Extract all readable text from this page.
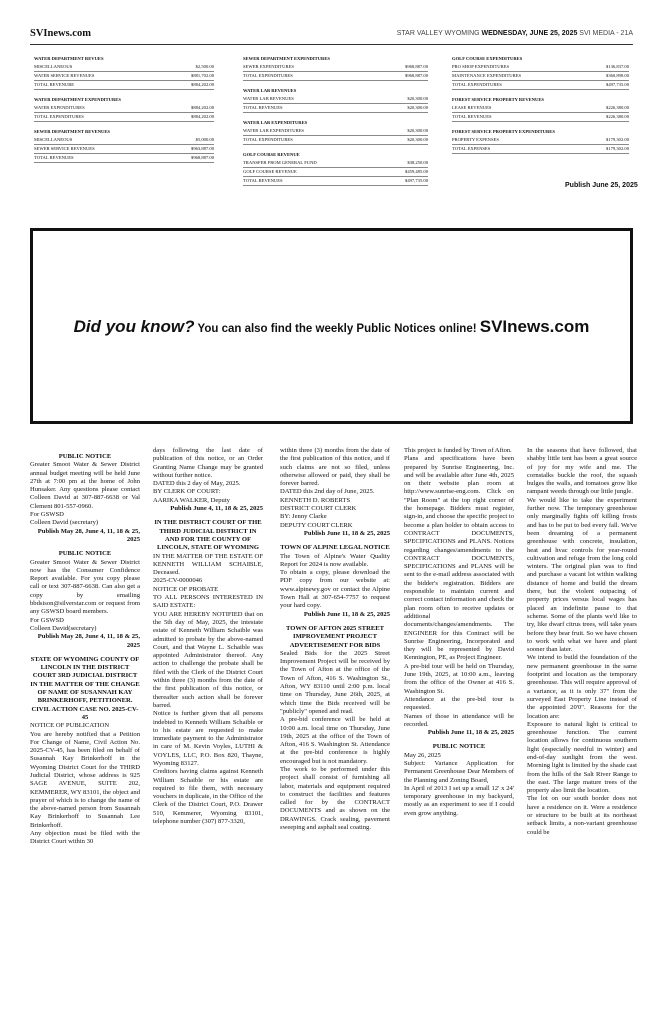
SVInews.com	STAR VALLEY WYOMING WEDNESDAY, JUNE 25, 2025 SVI MEDIA - 21A
WATER DEPARTMENT REVUES
MISCELLANEOUS	$2,500.00
WATER SERVICE REVENUES	$881,702.00
TOTAL REVENURE	$884,202.00
WATER DEPARTMENT EXPENDITURES
WATER EXPENDITURES	$884,202.00
TOTAL EXPENDITURES	$884,202.00
SEWER DEPARTMENT REVENUES
MISCELLANEOUS	$5,000.00
SEWER SERVICE REVENUES	$963,887.00
TOTAL REVENUES	$968,887.00
SEWER DEPARTMENT EXPENDITURES
SEWER EXPENDITURES	$968,887.00
TOTAL EXPENDITURES	$968,887.00
WATER LAB REVENUES
WATER LAB REVENUES	$20,300.00
TOTAL REVENUES	$20,300.00
WATER LAB EXPENDITURES
WATER LAB EXPENDITURES	$20,300.00
TOTAL EXPENDITURES	$20,300.00
GOLF COURSE REVENUE
TRANSFER FROM GENERAL FUND	$38,250.00
GOLF COURSE REVENUE	$459,485.00
TOTAL REVENUES	$497,735.00
GOLF COURSE EXPENDITURES
PRO SHOP EXPENDITURES	$136,837.00
MAINTENANCE EXPENDITURES	$360,898.00
TOTAL EXPENDITURES	$497,735.00
FOREST SERVICE PROPERTY REVENUES
LEASE REVENUES	$226,380.00
TOTAL REVENUES	$226,380.00
FOREST SERVICE PROPERTY EXPENDITURES
PROPERTY EXPENSES	$179,302.00
TOTAL EXPENSES	$179,302.00
Publish June 25, 2025
Did you know? You can also find the weekly Public Notices online! SVInews.com

PUBLIC NOTICE

Greater Smoot Water & Sewer District annual budget meeting will be held June 27th at 7:00 pm at the home of John Hunsaker. Any questions please contact Colleen David at 307-887-6638 or Val Clement 801-557-0960.

For GSWSD

Colleen David (secretary)

Publish May 28, June 4, 11, 18 & 25, 2025

PUBLIC NOTICE

Greater Smoot Water & Sewer District now has the Consumer Confidence Report available. For you copy please call or text 307-887-6638. Can also get a copy by emailing bbdsison@silverstar.com or request from any GSWSD board members.

For GSWSD

Colleen David(secretary)

Publish May 28, June 4, 11, 18 & 25, 2025

STATE OF WYOMING COUNTY OF LINCOLN IN THE DISTRICT COURT 3RD JUDICIAL DISTRICT IN THE MATTER OF THE CHANGE OF NAME OF SUSANNAH KAY BRINKERHOFF, PETITIONER. CIVIL ACTION CASE NO. 2025-CV-45

NOTICE OF PUBLICATION

You are hereby notified that a Petition For Change of Name, Civil Action No. 2025-CV-45, has been filed on behalf of Susannah Kay Brinkerhoff in the Wyoming District Court for the THIRD Judicial District, whose address is 925 SAGE AVENUE, SUITE 202, KEMMERER, WY 83101, the object and prayer of which is to change the name of the above-named person from Susannah Kay Brinkerhoff to Susannah Lee Brinkerhoff.

Any objection must be filed with the District Court within 30

days following the last date of publication of this notice, or an Order Granting Name Change may be granted without further notice.

DATED this 2 day of May, 2025.

BY CLERK OF COURT:

AARIKA WALKER, Deputy

Publish June 4, 11, 18 & 25, 2025

IN THE DISTRICT COURT OF THE THIRD JUDICIAL DISTRICT IN AND FOR THE COUNTY OF LINCOLN, STATE OF WYOMING

IN THE MATTER OF THE ESTATE OF KENNETH WILLIAM SCHAIBLE, Deceased.

2025-CV-0000046

NOTICE OF PROBATE

TO ALL PERSONS INTERESTED IN SAID ESTATE:

YOU ARE HEREBY NOTIFIED that on the 5th day of May, 2025, the intestate estate of Kenneth William Schaible was admitted to probate by the above-named Court, and that Wayne L. Schaible was appointed Administrator thereof. Any action to challenge the probate shall be filed with the Clerk of the District Court within three (3) months from the date of the first publication of this notice, or thereafter such action shall be forever barred.

Notice is further given that all persons indebted to Kenneth William Schaible or to his estate are requested to make immediate payment to the Administrator in care of M. Kevin Voyles, LUTHI & VOYLES, LLC, P.O. Box 820, Thayne, Wyoming 83127.

Creditors having claims against Kenneth William Schaible or his estate are required to file them, with necessary vouchers in duplicate, in the Office of the Clerk of the District Court, P.O. Drawer 510, Kemmerer, Wyoming 83101, telephone number (307) 877-3320,

within three (3) months from the date of the first publication of this notice, and if such claims are not so filed, unless otherwise allowed or paid, they shall be forever barred.

DATED this 2nd day of June, 2025.

KENNETH D. ROBERTS

DISTRICT COURT CLERK

BY: Jenny Clarke

DEPUTY COURT CLERK

Publish June 11, 18 & 25, 2025

TOWN OF ALPINE LEGAL NOTICE

The Town of Alpine's Water Quality Report for 2024 is now available.

To obtain a copy, please download the PDF copy from our website at: www.alpinewy.gov or contact the Alpine Town Hall at 307-654-7757 to request your hard copy.

Publish June 11, 18 & 25, 2025

TOWN OF AFTON 2025 STREET IMPROVEMENT PROJECT ADVERTISEMENT FOR BIDS

Sealed Bids for the 2025 Street Improvement Project will be received by the Town of Afton at the office of the Town of Afton, 416 S. Washington St., Afton, WY 83110 until 2:00 p.m. local time on Thursday, June 26th, 2025, at which time the Bids received will be "publicly" opened and read.

A pre-bid conference will be held at 10:00 a.m. local time on Thursday, June 19th, 2025 at the office of the Town of Afton, 416 S. Washington St. Attendance at the pre-bid conference is highly encouraged but is not mandatory.

The work to be performed under this project shall consist of furnishing all labor, materials and equipment required to construct the facilities and features called for by the CONTRACT DOCUMENTS and as shown on the DRAWINGS. Crack sealing, pavement sweeping and asphalt seal coating.

This project is funded by Town of Afton.

Plans and specifications have been prepared by Sunrise Engineering, Inc. and will be available after June 4th, 2025 on their website plan room at http://www.sunrise-eng.com. Click on "Plan Room" at the top right corner of the homepage. Bidders must register, sign-in, and choose the specific project to become a plan holder to obtain access to CONTRACT DOCUMENTS, SPECIFICATIONS and PLANS. Notices regarding changes/amendments to the CONTRACT DOCUMENTS, SPECIFICATIONS and PLANS will be sent to the e-mail address associated with the bidder's registration. Bidders are responsible to maintain current and correct contact information and check the plan room often to receive updates or additional documents/changes/amendments. The ENGINEER for this Contract will be Sunrise Engineering, Incorporated and they will be represented by David Kennington, PE, as Project Engineer.

A pre-bid tour will be held on Thursday, June 19th, 2025, at 10:00 a.m., leaving from the office of the Owner at 416 S. Washington St.

Attendance at the pre-bid tour is requested.

Names of those in attendance will be recorded.

Publish June 11, 18 & 25, 2025

PUBLIC NOTICE

May 26, 2025

Subject: Variance Application for Permanent Greenhouse Dear Members of the Planning and Zoning Board,

In April of 2013 I set up a small 12' x 24' temporary greenhouse in my backyard, mostly as an experiment to see if I could even grow anything.

In the seasons that have followed, that shabby little tent has been a great source of joy for my wife and me. The cornstalks buckle the roof, the squash bulges the walls, and tomatoes grow like rampant weeds through our little jungle.

We would like to take the experiment further now. The temporary greenhouse only marginally fights off killing frosts and has to be put to bed every fall. We've been dreaming of a permanent greenhouse with concrete, insulation, heat and hvac controls for year-round cultivation and refuge from the long cold winters. The original plan was to find and purchase a vacant lot within walking distance of home and build the dream there, but the violent outpacing of property prices versus local wages has placed an indefinite pause to that scheme. Some of the plants we'd like to try, like dwarf citrus trees, will take years before they bear fruit. So we have chosen to work with what we have and plant sooner than later.

We intend to build the foundation of the new permanent greenhouse in the same footprint and location as the temporary greenhouse. This will require approval of a variance, as it is only 37" from the surveyed East Property Line instead of the appointed 20'0". Reasons for the location are:

Exposure to natural light is critical to greenhouse function. The current location allows for continuous southern light (especially needful in winter) and end-of-day sunlight from the west. Morning light is limited by the shade cast from the hills of the Salt River Range to the east. The large mature trees of the property also limit the location.

The lot on our south border does not have a residence on it. Were a residence or structure to be built at its northeast setback limits, a non-variant greenhouse could be
